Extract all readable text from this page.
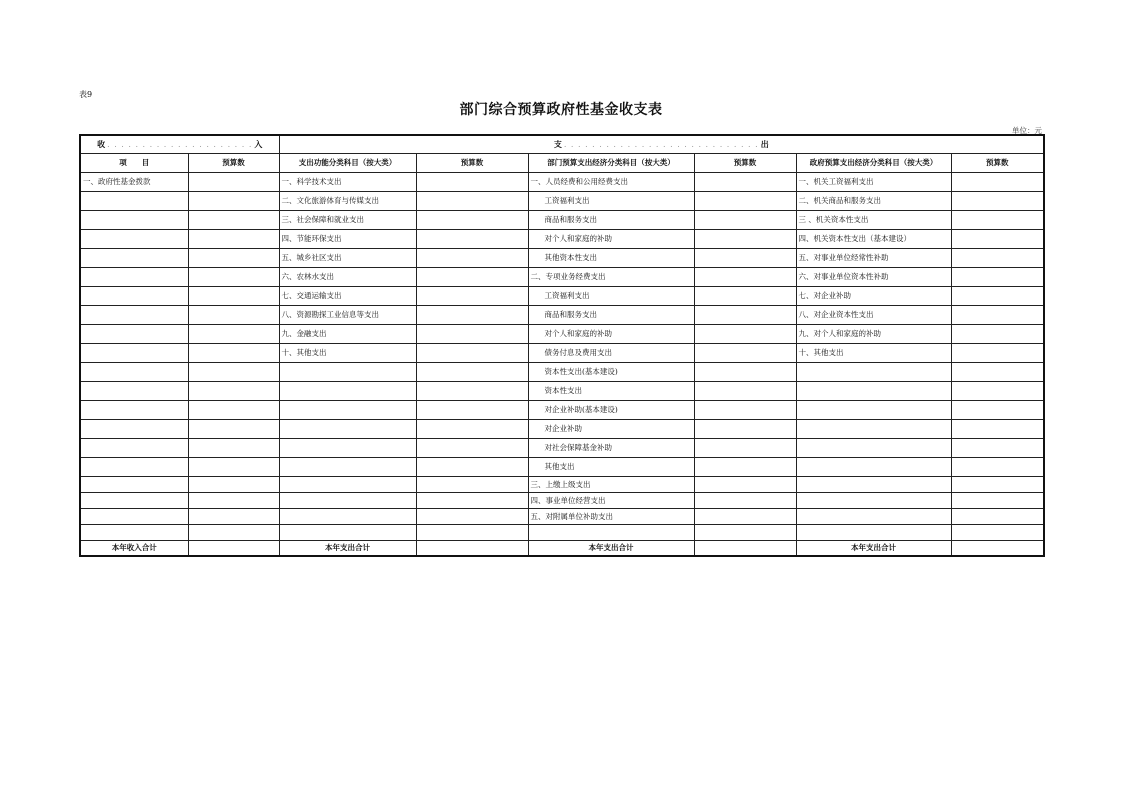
表9
部门综合预算政府性基金收支表
单位：元
收 . . . . . . . . . . . . . . . . . . . . . 入		支 . . . . . . . . . . . . . . . . . . . . . . . . . . . . 出					
项　　目	预算数	支出功能分类科目（按大类）	预算数	部门预算支出经济分类科目（按大类）	预算数	政府预算支出经济分类科目（按大类）	预算数
一、政府性基金拨款		一、科学技术支出		一、人员经费和公用经费支出		一、机关工资福利支出	
		二、文化旅游体育与传媒支出		工资福利支出		二、机关商品和服务支出	
		三、社会保障和就业支出		商品和服务支出		三 、机关资本性支出	
		四、节能环保支出		对个人和家庭的补助		四、机关资本性支出（基本建设）	
		五、城乡社区支出		其他资本性支出		五、对事业单位经常性补助	
		六、农林水支出		二、专项业务经费支出		六、对事业单位资本性补助	
		七、交通运输支出		工资福利支出		七、对企业补助	
		八、资源勘探工业信息等支出		商品和服务支出		八、对企业资本性支出	
		九、金融支出		对个人和家庭的补助		九、对个人和家庭的补助	
		十、其他支出		债务付息及费用支出		十、其他支出	
				资本性支出(基本建设)			
				资本性支出			
				对企业补助(基本建设)			
				对企业补助			
				对社会保障基金补助			
				其他支出			
				三、上缴上级支出			
				四、事业单位经营支出			
				五、对附属单位补助支出			

本年收入合计		本年支出合计		本年支出合计		本年支出合计	
